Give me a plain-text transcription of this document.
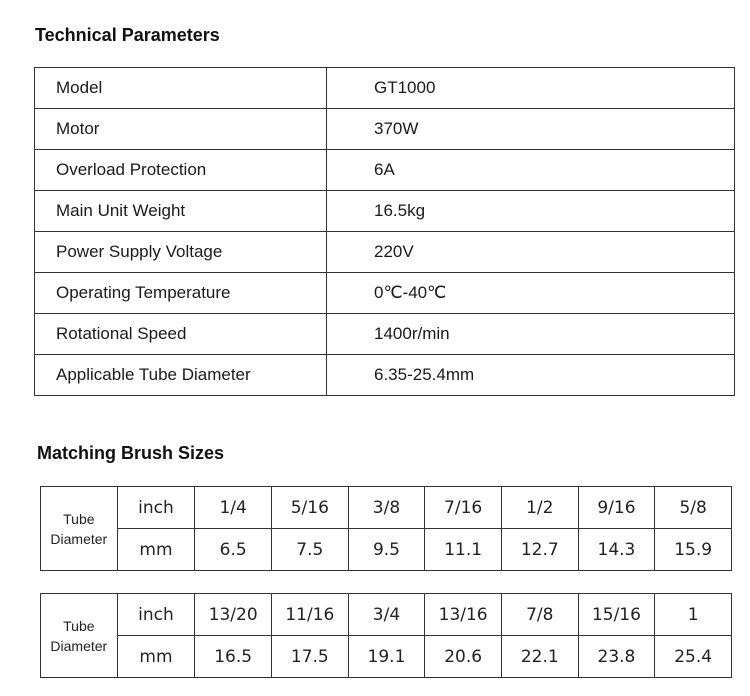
Technical Parameters
Model	GT1000
Motor	370W
Overload Protection	6A
Main Unit Weight	16.5kg
Power Supply Voltage	220V
Operating Temperature	0℃-40℃
Rotational Speed	1400r/min
Applicable Tube Diameter	6.35-25.4mm
Matching Brush Sizes
Tube
Diameter	inch	1/4	5/16	3/8	7/16	1/2	9/16	5/8
	mm	6.5	7.5	9.5	11.1	12.7	14.3	15.9
Tube
Diameter	inch	13/20	11/16	3/4	13/16	7/8	15/16	1
	mm	16.5	17.5	19.1	20.6	22.1	23.8	25.4
